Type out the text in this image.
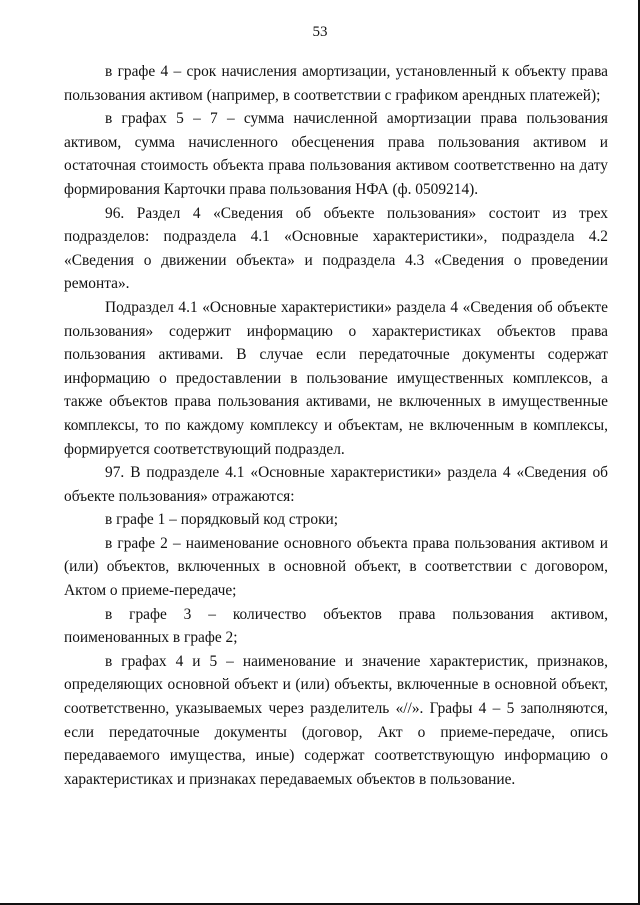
53

в графе 4 – срок начисления амортизации, установленный к объекту права пользования активом (например, в соответствии с графиком арендных платежей);

в графах 5 – 7 – сумма начисленной амортизации права пользования активом, сумма начисленного обесценения права пользования активом и остаточная стоимость объекта права пользования активом соответственно на дату формирования Карточки права пользования НФА (ф. 0509214).

96. Раздел 4 «Сведения об объекте пользования» состоит из трех подразделов: подраздела 4.1 «Основные характеристики», подраздела 4.2 «Сведения о движении объекта» и подраздела 4.3 «Сведения о проведении ремонта».

Подраздел 4.1 «Основные характеристики» раздела 4 «Сведения об объекте пользования» содержит информацию о характеристиках объектов права пользования активами. В случае если передаточные документы содержат информацию о предоставлении в пользование имущественных комплексов, а также объектов права пользования активами, не включенных в имущественные комплексы, то по каждому комплексу и объектам, не включенным в комплексы, формируется соответствующий подраздел.

97. В подразделе 4.1 «Основные характеристики» раздела 4 «Сведения об объекте пользования» отражаются:

в графе 1 – порядковый код строки;

в графе 2 – наименование основного объекта права пользования активом и (или) объектов, включенных в основной объект, в соответствии с договором, Актом о приеме-передаче;

в графе 3 – количество объектов права пользования активом, поименованных в графе 2;

в графах 4 и 5 – наименование и значение характеристик, признаков, определяющих основной объект и (или) объекты, включенные в основной объект, соответственно, указываемых через разделитель «//». Графы 4 – 5 заполняются, если передаточные документы (договор, Акт о приеме-передаче, опись передаваемого имущества, иные) содержат соответствующую информацию о характеристиках и признаках передаваемых объектов в пользование.
